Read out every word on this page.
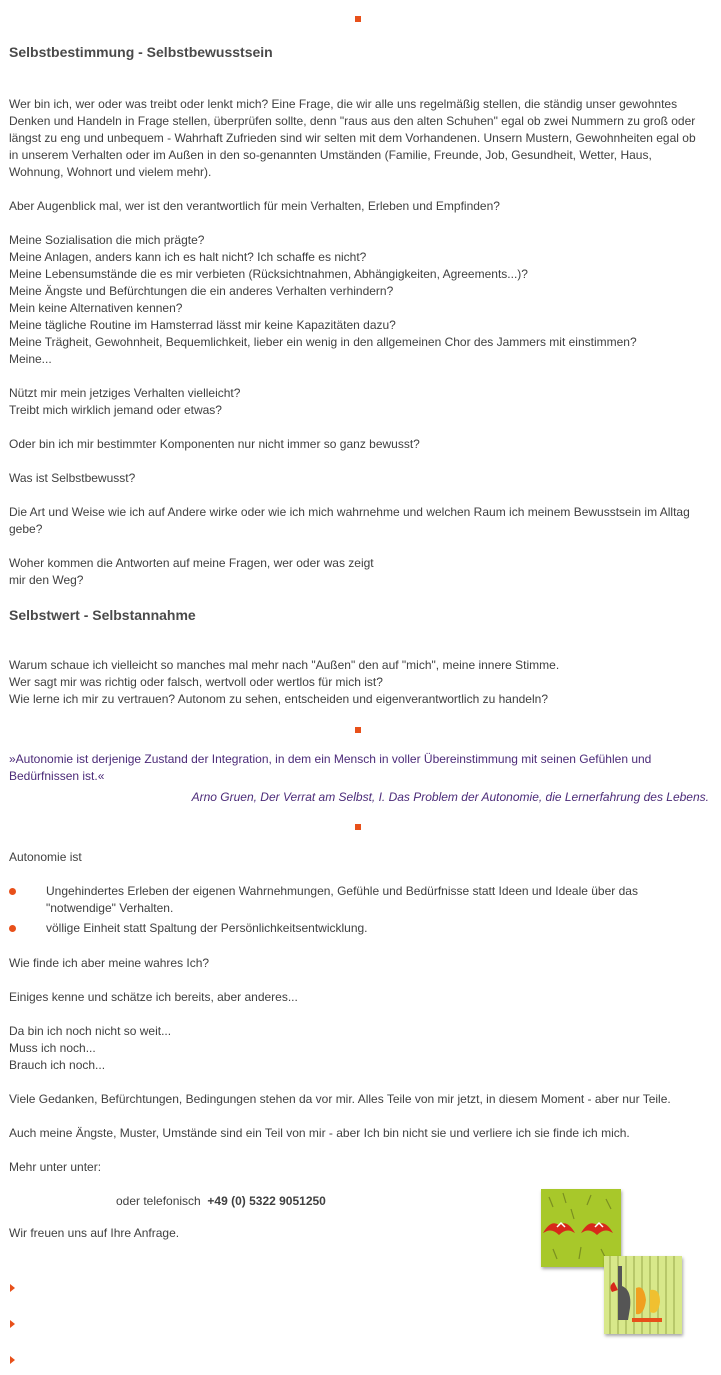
Selbstbestimmung - Selbstbewusstsein

Wer bin ich, wer oder was treibt oder lenkt mich? Eine Frage, die wir alle uns regelmäßig stellen, die ständig unser gewohntes
Denken und Handeln in Frage stellen, überprüfen sollte, denn "raus aus den alten Schuhen" egal ob zwei Nummern zu groß oder
längst zu eng und unbequem - Wahrhaft Zufrieden sind wir selten mit dem Vorhandenen. Unsern Mustern, Gewohnheiten egal ob
in unserem Verhalten oder im Außen in den so-genannten Umständen (Familie, Freunde, Job, Gesundheit, Wetter, Haus,
Wohnung, Wohnort und vielem mehr).

Aber Augenblick mal, wer ist den verantwortlich für mein Verhalten, Erleben und Empfinden?

Meine Sozialisation die mich prägte?
Meine Anlagen, anders kann ich es halt nicht? Ich schaffe es nicht?
Meine Lebensumstände die es mir verbieten (Rücksichtnahmen, Abhängigkeiten, Agreements...)?
Meine Ängste und Befürchtungen die ein anderes Verhalten verhindern?
Mein keine Alternativen kennen?
Meine tägliche Routine im Hamsterrad lässt mir keine Kapazitäten dazu?
Meine Trägheit, Gewohnheit, Bequemlichkeit, lieber ein wenig in den allgemeinen Chor des Jammers mit einstimmen?
Meine...

Nützt mir mein jetziges Verhalten vielleicht?
Treibt mich wirklich jemand oder etwas?

Oder bin ich mir bestimmter Komponenten nur nicht immer so ganz bewusst?

Was ist Selbstbewusst?

Die Art und Weise wie ich auf Andere wirke oder wie ich mich wahrnehme und welchen Raum ich meinem Bewusstsein im Alltag
gebe?

Woher kommen die Antworten auf meine Fragen, wer oder was zeigt
mir den Weg?

Selbstwert - Selbstannahme

Warum schaue ich vielleicht so manches mal mehr nach "Außen" den auf "mich", meine innere Stimme.
Wer sagt mir was richtig oder falsch, wertvoll oder wertlos für mich ist?
Wie lerne ich mir zu vertrauen? Autonom zu sehen, entscheiden und eigenverantwortlich zu handeln?

»Autonomie ist derjenige Zustand der Integration, in dem ein Mensch in voller Übereinstimmung mit seinen Gefühlen und
Bedürfnissen ist.«

Arno Gruen, Der Verrat am Selbst, I. Das Problem der Autonomie, die Lernerfahrung des Lebens.

Autonomie ist

Ungehindertes Erleben der eigenen Wahrnehmungen, Gefühle und Bedürfnisse statt Ideen und Ideale über das
"notwendige" Verhalten.
völlige Einheit statt Spaltung der Persönlichkeitsentwicklung.

Wie finde ich aber meine wahres Ich?

Einiges kenne und schätze ich bereits, aber anderes...

Da bin ich noch nicht so weit...
Muss ich noch...
Brauch ich noch...

Viele Gedanken, Befürchtungen, Bedingungen stehen da vor mir. Alles Teile von mir jetzt, in diesem Moment - aber nur Teile.

Auch meine Ängste, Muster, Umstände sind ein Teil von mir - aber Ich bin nicht sie und verliere ich sie finde ich mich.

Mehr unter unter:

oder telefonisch +49 (0) 5322 9051250

Wir freuen uns auf Ihre Anfrage.
